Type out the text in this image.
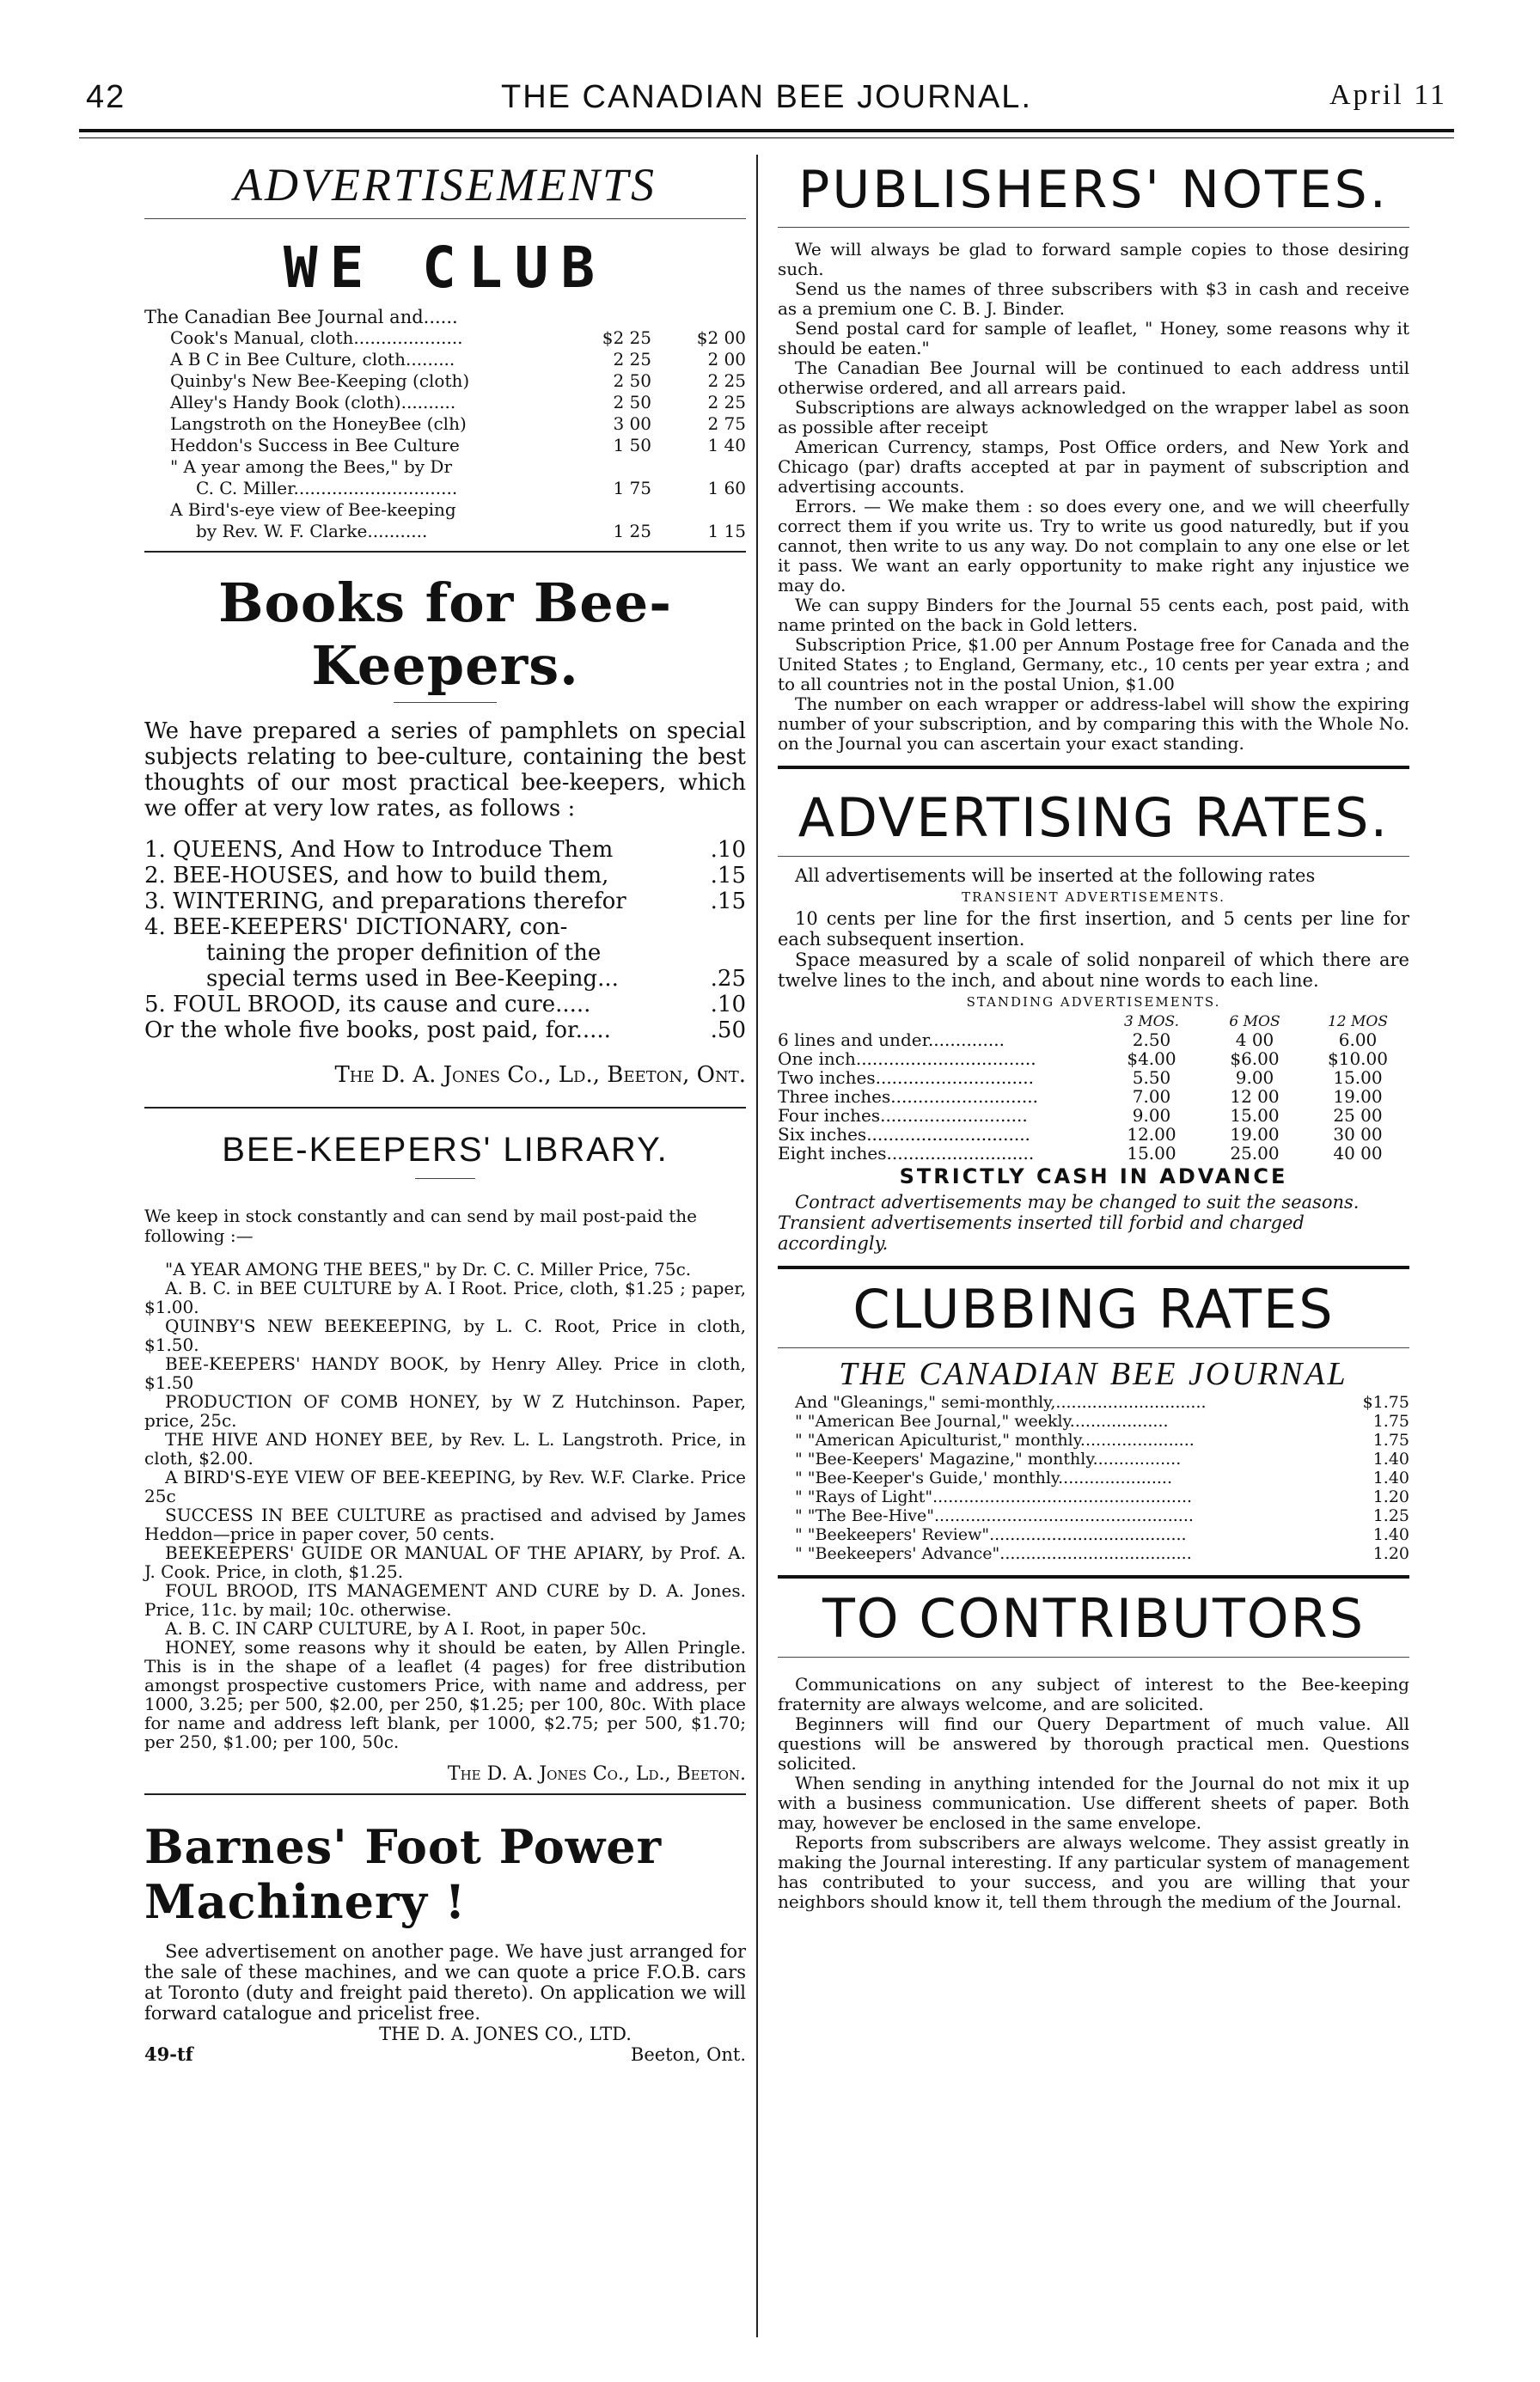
42	THE CANADIAN BEE JOURNAL.	April 11
ADVERTISEMENTS
WE CLUB
The Canadian Bee Journal and......
Cook's Manual, cloth....................	$2 25	$2 00
A B C in Bee Culture, cloth.........	2 25	2 00
Quinby's New Bee-Keeping (cloth)	2 50	2 25
Alley's Handy Book (cloth)..........	2 50	2 25
Langstroth on the HoneyBee (clh)	3 00	2 75
Heddon's Success in Bee Culture	1 50	1 40
" A year among the Bees," by Dr
C. C. Miller..............................	1 75	1 60
A Bird's-eye view of Bee-keeping
by Rev. W. F. Clarke...........	1 25	1 15
Books for Bee-Keepers.
We have prepared a series of pamphlets on special subjects relating to bee-culture, containing the best thoughts of our most practical bee-keepers, which we offer at very low rates, as follows :
1. QUEENS, And How to Introduce Them	.10
2. BEE-HOUSES, and how to build them,	.15
3. WINTERING, and preparations therefor	.15
4. BEE-KEEPERS' DICTIONARY, con-
taining the proper definition of the
special terms used in Bee-Keeping...	.25
5. FOUL BROOD, its cause and cure.....	.10
Or the whole five books, post paid, for.....	.50
The D. A. Jones Co., Ld., Beeton, Ont.
BEE-KEEPERS' LIBRARY.
We keep in stock constantly and can send by mail post-paid the following :—
"A YEAR AMONG THE BEES," by Dr. C. C. Miller Price, 75c.
A. B. C. in BEE CULTURE by A. I Root. Price, cloth, $1.25 ; paper, $1.00.
QUINBY'S NEW BEEKEEPING, by L. C. Root, Price in cloth, $1.50.
BEE-KEEPERS' HANDY BOOK, by Henry Alley. Price in cloth, $1.50
PRODUCTION OF COMB HONEY, by W Z Hutchinson. Paper, price, 25c.
THE HIVE AND HONEY BEE, by Rev. L. L. Langstroth. Price, in cloth, $2.00.
A BIRD'S-EYE VIEW OF BEE-KEEPING, by Rev. W.F. Clarke. Price 25c
SUCCESS IN BEE CULTURE as practised and advised by James Heddon—price in paper cover, 50 cents.
BEEKEEPERS' GUIDE OR MANUAL OF THE APIARY, by Prof. A. J. Cook. Price, in cloth, $1.25.
FOUL BROOD, ITS MANAGEMENT AND CURE by D. A. Jones. Price, 11c. by mail; 10c. otherwise.
A. B. C. IN CARP CULTURE, by A I. Root, in paper 50c.
HONEY, some reasons why it should be eaten, by Allen Pringle. This is in the shape of a leaflet (4 pages) for free distribution amongst prospective customers Price, with name and address, per 1000, 3.25; per 500, $2.00, per 250, $1.25; per 100, 80c. With place for name and address left blank, per 1000, $2.75; per 500, $1.70; per 250, $1.00; per 100, 50c.
The D. A. Jones Co., Ld., Beeton.
Barnes' Foot Power Machinery !
See advertisement on another page. We have just arranged for the sale of these machines, and we can quote a price F.O.B. cars at Toronto (duty and freight paid thereto). On application we will forward catalogue and pricelist free.
THE D. A. JONES CO., LTD.
49-tf	Beeton, Ont.
PUBLISHERS' NOTES.
We will always be glad to forward sample copies to those desiring such.
Send us the names of three subscribers with $3 in cash and receive as a premium one C. B. J. Binder.
Send postal card for sample of leaflet, " Honey, some reasons why it should be eaten."
The Canadian Bee Journal will be continued to each address until otherwise ordered, and all arrears paid.
Subscriptions are always acknowledged on the wrapper label as soon as possible after receipt
American Currency, stamps, Post Office orders, and New York and Chicago (par) drafts accepted at par in payment of subscription and advertising accounts.
Errors. — We make them : so does every one, and we will cheerfully correct them if you write us. Try to write us good naturedly, but if you cannot, then write to us any way. Do not complain to any one else or let it pass. We want an early opportunity to make right any injustice we may do.
We can suppy Binders for the Journal 55 cents each, post paid, with name printed on the back in Gold letters.
Subscription Price, $1.00 per Annum Postage free for Canada and the United States ; to England, Germany, etc., 10 cents per year extra ; and to all countries not in the postal Union, $1.00
The number on each wrapper or address-label will show the expiring number of your subscription, and by comparing this with the Whole No. on the Journal you can ascertain your exact standing.
ADVERTISING RATES.
All advertisements will be inserted at the following rates
TRANSIENT ADVERTISEMENTS.
10 cents per line for the first insertion, and 5 cents per line for each subsequent insertion.
Space measured by a scale of solid nonpareil of which there are twelve lines to the inch, and about nine words to each line.
STANDING ADVERTISEMENTS.
3 MOS.	6 MOS	12 MOS
6 lines and under..............	2.50	4 00	6.00
One inch.................................	$4.00	$6.00	$10.00
Two inches.............................	5.50	9.00	15.00
Three inches...........................	7.00	12 00	19.00
Four inches...........................	9.00	15.00	25 00
Six inches..............................	12.00	19.00	30 00
Eight inches...........................	15.00	25.00	40 00
STRICTLY CASH IN ADVANCE
Contract advertisements may be changed to suit the seasons. Transient advertisements inserted till forbid and charged accordingly.
CLUBBING RATES
THE CANADIAN BEE JOURNAL
And "Gleanings," semi-monthly,.............................	$1.75
" "American Bee Journal," weekly...................	1.75
" "American Apiculturist," monthly......................	1.75
" "Bee-Keepers' Magazine," monthly.................	1.40
" "Bee-Keeper's Guide,' monthly......................	1.40
" "Rays of Light"..................................................	1.20
" "The Bee-Hive"..................................................	1.25
" "Beekeepers' Review"......................................	1.40
" "Beekeepers' Advance".....................................	1.20
TO CONTRIBUTORS
Communications on any subject of interest to the Bee-keeping fraternity are always welcome, and are solicited.
Beginners will find our Query Department of much value. All questions will be answered by thorough practical men. Questions solicited.
When sending in anything intended for the Journal do not mix it up with a business communication. Use different sheets of paper. Both may, however be enclosed in the same envelope.
Reports from subscribers are always welcome. They assist greatly in making the Journal interesting. If any particular system of management has contributed to your success, and you are willing that your neighbors should know it, tell them through the medium of the Journal.
